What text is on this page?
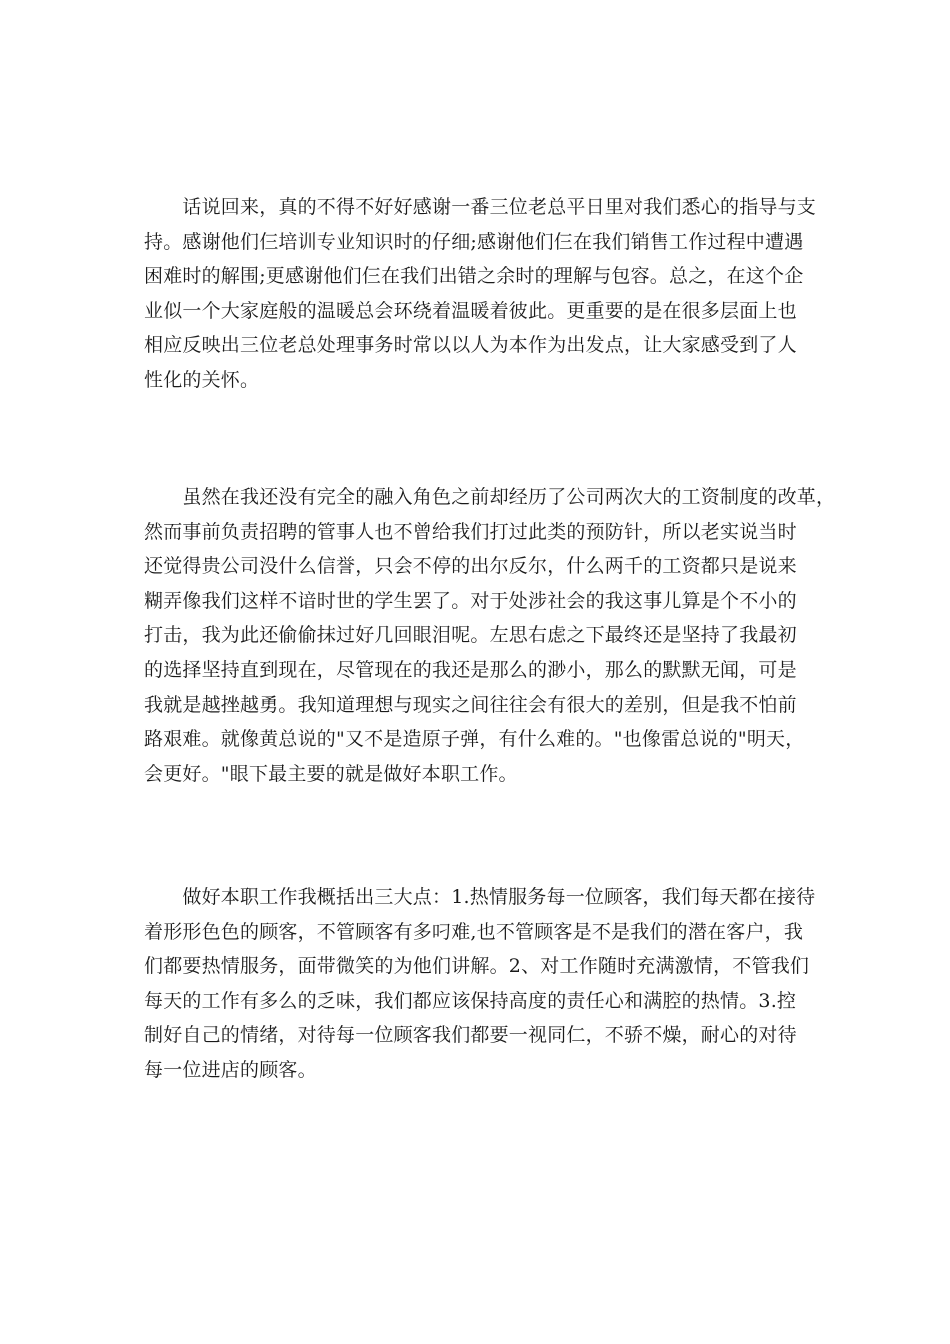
　　话说回来，真的不得不好好感谢一番三位老总平日里对我们悉心的指导与支
持。感谢他们仨培训专业知识时的仔细;感谢他们仨在我们销售工作过程中遭遇
困难时的解围;更感谢他们仨在我们出错之余时的理解与包容。总之，在这个企
业似一个大家庭般的温暖总会环绕着温暖着彼此。更重要的是在很多层面上也
相应反映出三位老总处理事务时常以以人为本作为出发点，让大家感受到了人
性化的关怀。
　　虽然在我还没有完全的融入角色之前却经历了公司两次大的工资制度的改革，
然而事前负责招聘的管事人也不曾给我们打过此类的预防针，所以老实说当时
还觉得贵公司没什么信誉，只会不停的出尔反尔，什么两千的工资都只是说来
糊弄像我们这样不谙时世的学生罢了。对于处涉社会的我这事儿算是个不小的
打击，我为此还偷偷抹过好几回眼泪呢。左思右虑之下最终还是坚持了我最初
的选择坚持直到现在，尽管现在的我还是那么的渺小，那么的默默无闻，可是
我就是越挫越勇。我知道理想与现实之间往往会有很大的差别，但是我不怕前
路艰难。就像黄总说的"又不是造原子弹，有什么难的。"也像雷总说的"明天，
会更好。"眼下最主要的就是做好本职工作。
　　做好本职工作我概括出三大点：1.热情服务每一位顾客，我们每天都在接待
着形形色色的顾客，不管顾客有多叼难,也不管顾客是不是我们的潜在客户，我
们都要热情服务，面带微笑的为他们讲解。2、对工作随时充满激情，不管我们
每天的工作有多么的乏味，我们都应该保持高度的责任心和满腔的热情。3.控
制好自己的情绪，对待每一位顾客我们都要一视同仁，不骄不燥，耐心的对待
每一位进店的顾客。
